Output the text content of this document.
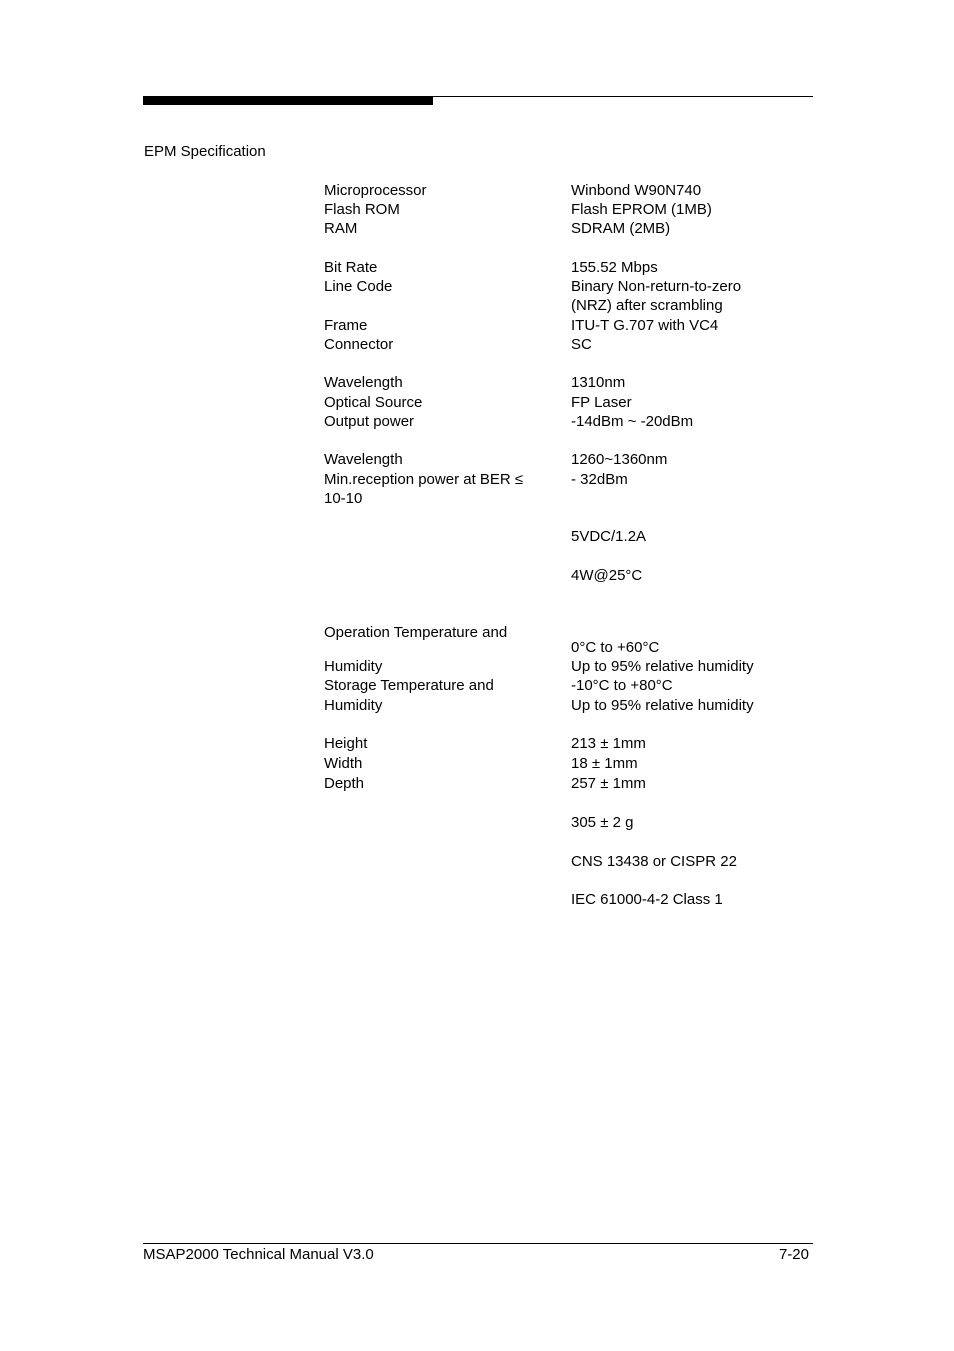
EPM Specification
Microprocessor
Flash ROM
RAM
Bit Rate
Line Code
Frame
Connector
Wavelength
Optical Source
Output power
Wavelength
Min.reception power at BER ≤
10-10
Operation Temperature and
Humidity
Storage Temperature and
Humidity
Height
Width
Depth
Winbond W90N740
Flash EPROM (1MB)
SDRAM (2MB)
155.52 Mbps
Binary Non-return-to-zero
(NRZ) after scrambling
ITU-T G.707 with VC4
SC
1310nm
FP Laser
-14dBm ~ -20dBm
1260~1360nm
- 32dBm
5VDC/1.2A
4W@25°C
0°C to +60°C
Up to 95% relative humidity
-10°C to +80°C
Up to 95% relative humidity
213 ± 1mm
18 ± 1mm
257 ± 1mm
305 ± 2 g
CNS 13438 or CISPR 22
IEC 61000-4-2 Class 1
MSAP2000 Technical Manual V3.0	7-20
